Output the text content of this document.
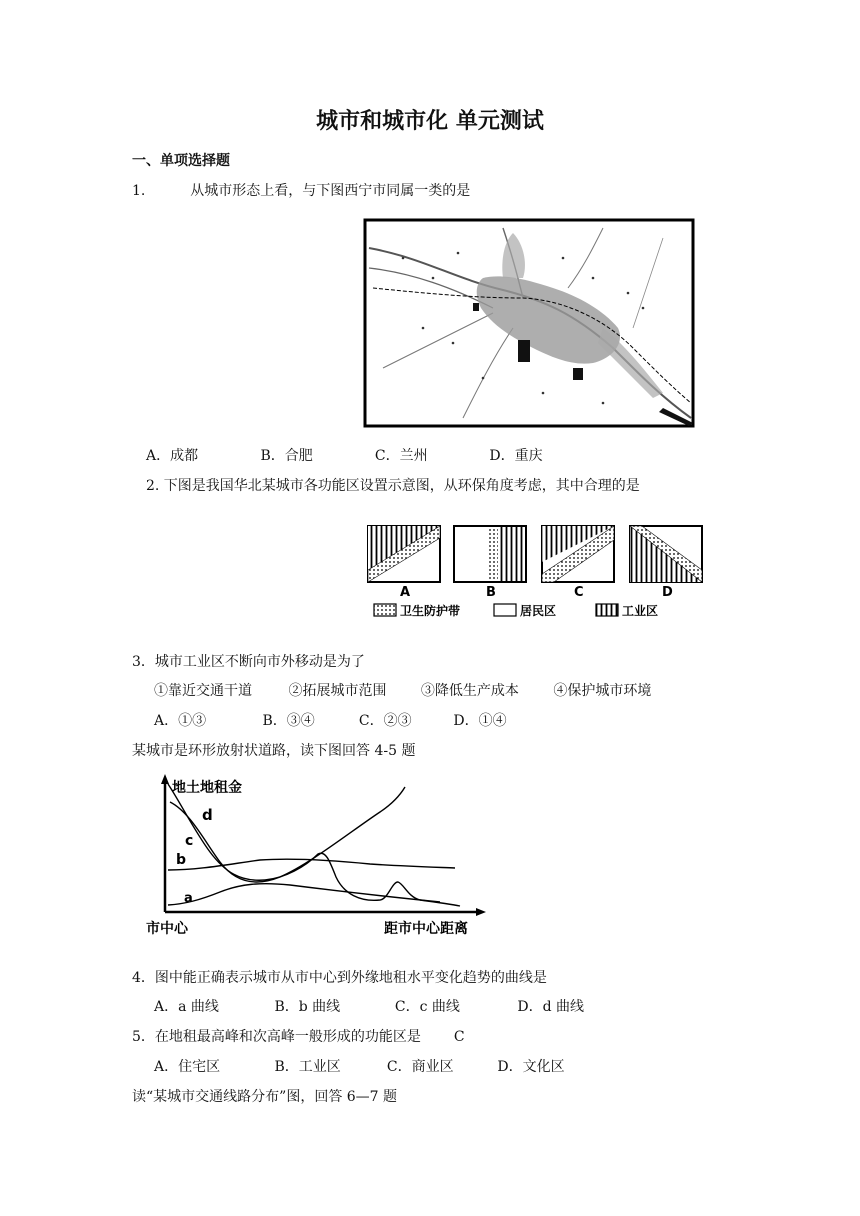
城市和城市化 单元测试
一、单项选择题
1.	从城市形态上看，与下图西宁市同属一类的是
A．成都	B．合肥	C．兰州	D．重庆
2. 下图是我国华北某城市各功能区设置示意图，从环保角度考虑，其中合理的是
A	B	C	D
卫生防护带	居民区	工业区
3．城市工业区不断向市外移动是为了
①靠近交通干道	②拓展城市范围 ③降低生产成本 ④保护城市环境
A．①③	B．③④	C．②③	D．①④
某城市是环形放射状道路，读下图回答 4-5 题
d
c
b
a
地土地租金
市中心	距市中心距离
4．图中能正确表示城市从市中心到外缘地租水平变化趋势的曲线是
A．a 曲线	B．b 曲线	C．c 曲线	D．d 曲线
5．在地租最高峰和次高峰一般形成的功能区是 C
A．住宅区	B．工业区	C．商业区	D．文化区
读“某城市交通线路分布”图，回答 6—7 题
